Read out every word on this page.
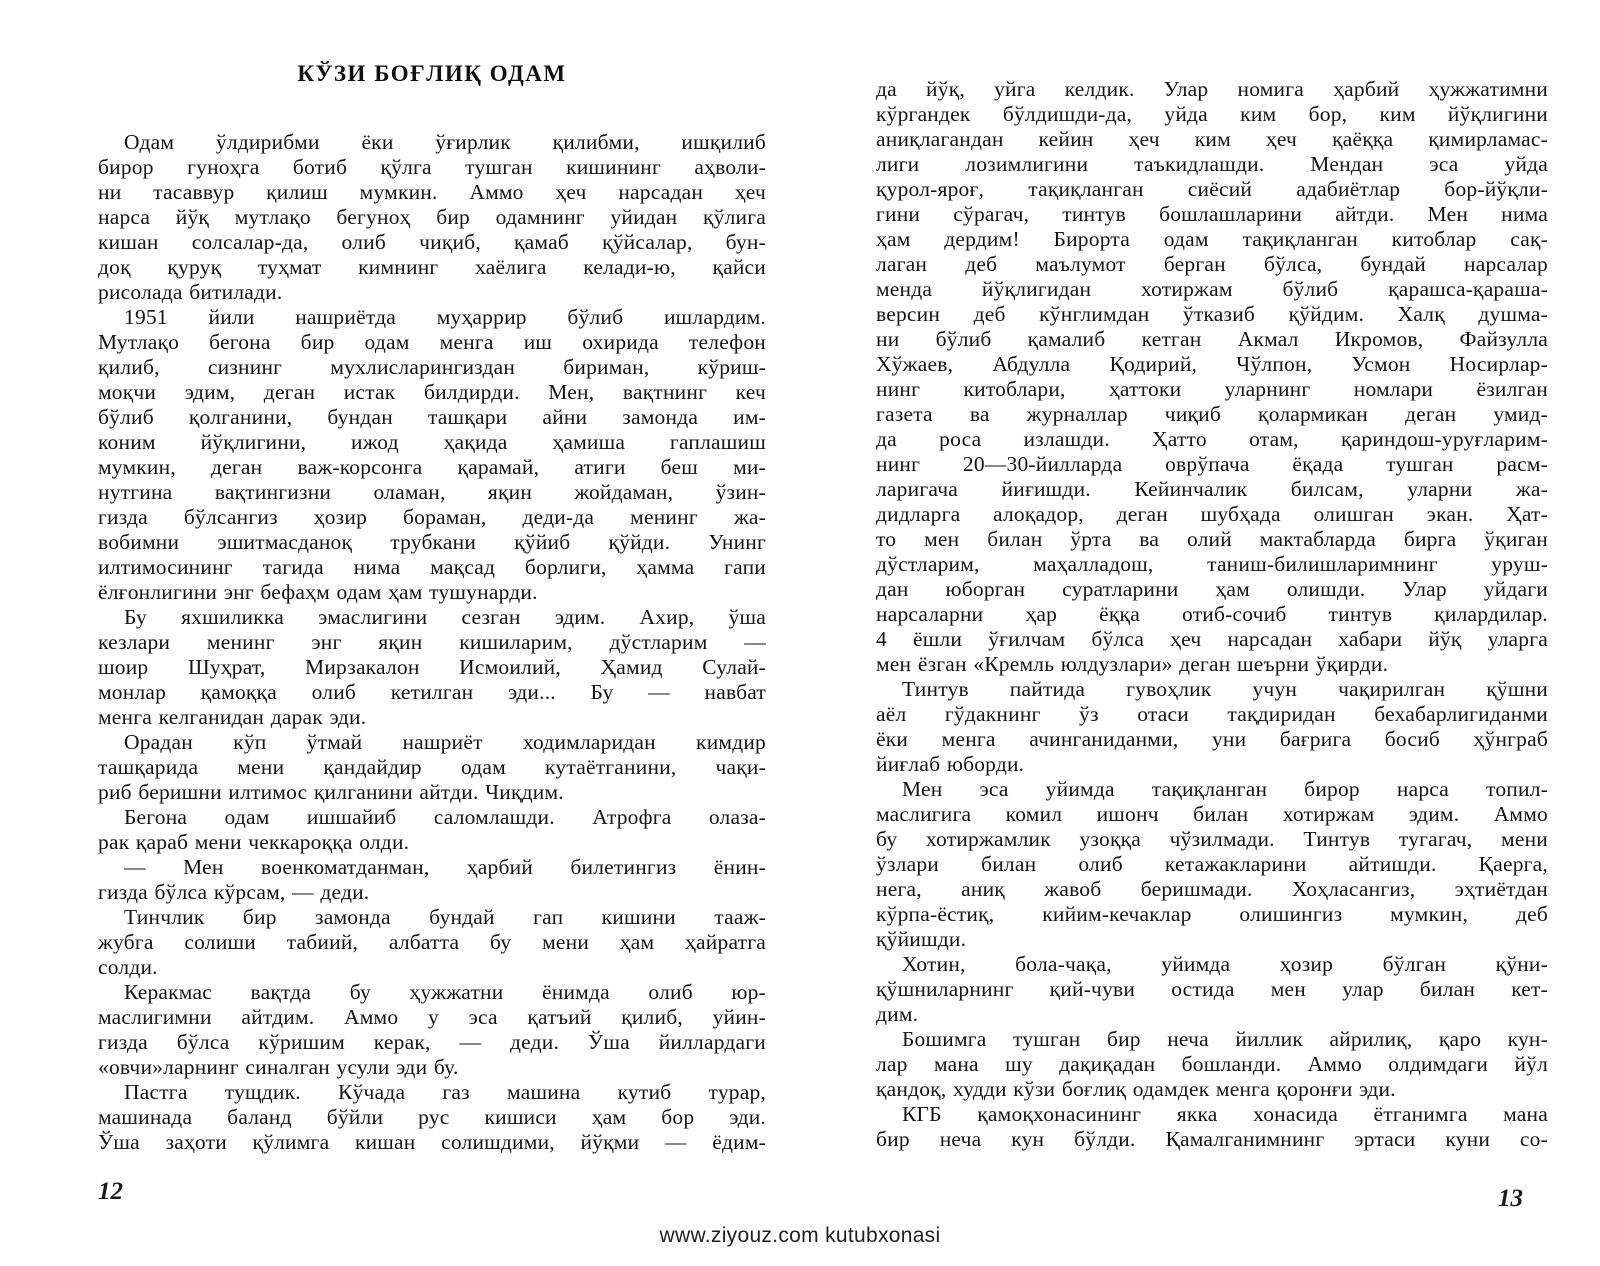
КЎЗИ БОҒЛИҚ ОДАМ

Одам ўлдирибми ёки ўғирлик қилибми, ишқилиб
бирор гуноҳга ботиб қўлга тушган кишининг аҳволи-
ни тасаввур қилиш мумкин. Аммо ҳеч нарсадан ҳеч
нарса йўқ мутлақо бегуноҳ бир одамнинг уйидан қўлига
кишан солсалар-да, олиб чиқиб, қамаб қўйсалар, бун-
доқ қуруқ туҳмат кимнинг хаёлига келади-ю, қайси
рисолада битилади.

1951 йили нашриётда муҳаррир бўлиб ишлардим.
Мутлақо бегона бир одам менга иш охирида телефон
қилиб, сизнинг мухлисларингиздан бириман, кўриш-
моқчи эдим, деган истак билдирди. Мен, вақтнинг кеч
бўлиб қолганини, бундан ташқари айни замонда им-
коним йўқлигини, ижод ҳақида ҳамиша гаплашиш
мумкин, деган важ-корсонга қарамай, атиги беш ми-
нутгина вақтингизни оламан, яқин жойдаман, ўзин-
гизда бўлсангиз ҳозир бораман, деди-да менинг жа-
вобимни эшитмасданоқ трубкани қўйиб қўйди. Унинг
илтимосининг тагида нима мақсад борлиги, ҳамма гапи
ёлғонлигини энг бефаҳм одам ҳам тушунарди.

Бу яхшиликка эмаслигини сезган эдим. Ахир, ўша
кезлари менинг энг яқин кишиларим, дўстларим —
шоир Шуҳрат, Мирзакалон Исмоилий, Ҳамид Сулай-
монлар қамоққа олиб кетилган эди... Бу — навбат
менга келганидан дарак эди.

Орадан кўп ўтмай нашриёт ходимларидан кимдир
ташқарида мени қандайдир одам кутаётганини, чақи-
риб беришни илтимос қилганини айтди. Чиқдим.

Бегона одам ишшайиб саломлашди. Атрофга олаза-
рак қараб мени чеккароққа олди.

— Мен военкоматданман, ҳарбий билетингиз ёнин-
гизда бўлса кўрсам, — деди.

Тинчлик бир замонда бундай гап кишини тааж-
жубга солиши табиий, албатта бу мени ҳам ҳайратга
солди.

Керакмас вақтда бу ҳужжатни ёнимда олиб юр-
маслигимни айтдим. Аммо у эса қатъий қилиб, уйин-
гизда бўлса кўришим керак, — деди. Ўша йиллардаги
«овчи»ларнинг синалган усули эди бу.

Пастга тущдик. Кўчада газ машина кутиб турар,
машинада баланд бўйли рус кишиси ҳам бор эди.
Ўша заҳоти қўлимга кишан солишдими, йўқми — ёдим-

да йўқ, уйга келдик. Улар номига ҳарбий ҳужжатимни
кўргандек бўлдишди-да, уйда ким бор, ким йўқлигини
аниқлагандан кейин ҳеч ким ҳеч қаёққа қимирламас-
лиги лозимлигини таъкидлашди. Мендан эса уйда
қурол-яроғ, тақиқланган сиёсий адабиётлар бор-йўқли-
гини сўрагач, тинтув бошлашларини айтди. Мен нима
ҳам дердим! Бирорта одам тақиқланган китоблар сақ-
лаган деб маълумот берган бўлса, бундай нарсалар
менда йўқлигидан хотиржам бўлиб қарашса-қараша-
версин деб кўнглимдан ўтказиб қўйдим. Халқ душма-
ни бўлиб қамалиб кетган Акмал Икромов, Файзулла
Хўжаев, Абдулла Қодирий, Чўлпон, Усмон Носирлар-
нинг китоблари, ҳаттоки уларнинг номлари ёзилган
газета ва журналлар чиқиб қолармикан деган умид-
да роса излашди. Ҳатто отам, қариндош-уруғларим-
нинг 20—30-йилларда оврўпача ёқада тушган расм-
ларигача йиғишди. Кейинчалик билсам, уларни жа-
дидларга алоқадор, деган шубҳада олишган экан. Ҳат-
то мен билан ўрта ва олий мактабларда бирга ўқиган
дўстларим, маҳалладош, таниш-билишларимнинг уруш-
дан юборган суратларини ҳам олишди. Улар уйдаги
нарсаларни ҳар ёққа отиб-сочиб тинтув қилардилар.
4 ёшли ўғилчам бўлса ҳеч нарсадан хабари йўқ уларга
мен ёзган «Кремль юлдузлари» деган шеърни ўқирди.

Тинтув пайтида гувоҳлик учун чақирилган қўшни
аёл гўдакнинг ўз отаси тақдиридан бехабарлигиданми
ёки менга ачинганиданми, уни бағрига босиб ҳўнграб
йиғлаб юборди.

Мен эса уйимда тақиқланган бирор нарса топил-
маслигига комил ишонч билан хотиржам эдим. Аммо
бу хотиржамлик узоққа чўзилмади. Тинтув тугагач, мени
ўзлари билан олиб кетажакларини айтишди. Қаерга,
нега, аниқ жавоб беришмади. Хоҳласангиз, эҳтиётдан
кўрпа-ёстиқ, кийим-кечаклар олишингиз мумкин, деб
қўйишди.

Хотин, бола-чақа, уйимда ҳозир бўлган қўни-
қўшниларнинг қий-чуви остида мен улар билан кет-
дим.

Бошимга тушган бир неча йиллик айрилиқ, қаро кун-
лар мана шу дақиқадан бошланди. Аммо олдимдаги йўл
қандоқ, худди кўзи боғлиқ одамдек менга қоронғи эди.

КГБ қамоқхонасининг якка хонасида ётганимга мана
бир неча кун бўлди. Қамалганимнинг эртаси куни со-

12	13
www.ziyouz.com kutubxonasi
